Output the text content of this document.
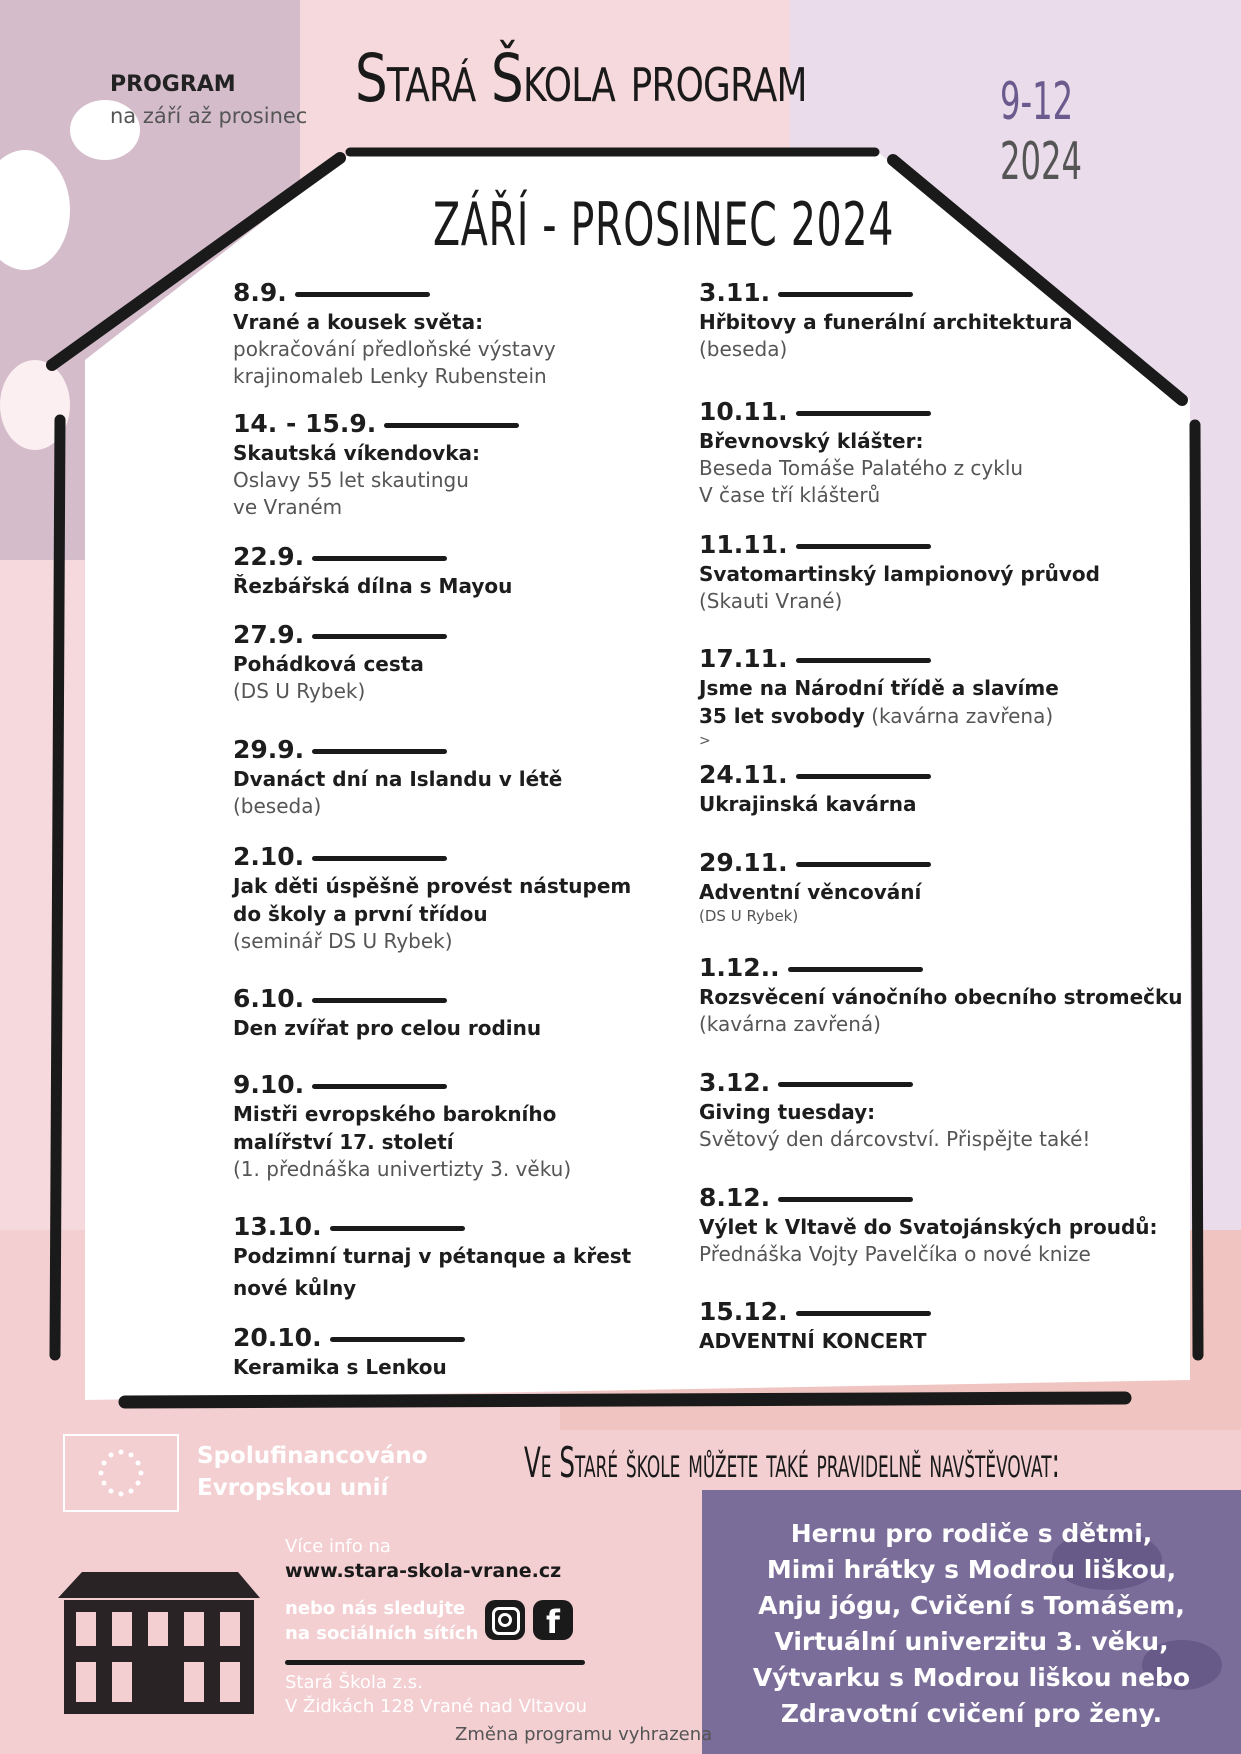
PROGRAM
na září až prosinec Stará Škola program	9-12 2024
ZÁŘÍ - PROSINEC 2024
8.9.
Vrané a kousek světa:
pokračování předloňské výstavy
krajinomaleb Lenky Rubenstein
14. - 15.9.
Skautská víkendovka:
Oslavy 55 let skautingu
ve Vraném
22.9.
Řezbářská dílna s Mayou
27.9.
Pohádková cesta
(DS U Rybek)
29.9.
Dvanáct dní na Islandu v létě
(beseda)
2.10.
Jak děti úspěšně provést nástupem
do školy a první třídou
(seminář DS U Rybek)
6.10.
Den zvířat pro celou rodinu
9.10.
Mistři evropského barokního
malířství 17. století
(1. přednáška univertizty 3. věku)
13.10.
Podzimní turnaj v pétanque a křest
nové kůlny
20.10.
Keramika s Lenkou
3.11.
Hřbitovy a funerální architektura
(beseda)
10.11.
Břevnovský klášter:
Beseda Tomáše Palatého z cyklu
V čase tří klášterů
11.11.
Svatomartinský lampionový průvod
(Skauti Vrané)
17.11.
Jsme na Národní třídě a slavíme
35 let svobody (kavárna zavřena)
>
24.11.
Ukrajinská kavárna
29.11.
Adventní věncování
(DS U Rybek)
1.12..
Rozsvěcení vánočního obecního stromečku
(kavárna zavřená)
3.12.
Giving tuesday:
Světový den dárcovství. Přispějte také!
8.12.
Výlet k Vltavě do Svatojánských proudů:
Přednáška Vojty Pavelčíka o nové knize
15.12.
ADVENTNÍ KONCERT
Spolufinancováno
Evropskou unií
Ve Staré škole můžete také pravidelně navštěvovat:
Hernu pro rodiče s dětmi,
Mimi hrátky s Modrou liškou,
Anju jógu, Cvičení s Tomášem,
Virtuální univerzitu 3. věku,
Výtvarku s Modrou liškou nebo
Zdravotní cvičení pro ženy.
Více info na
www.stara-skola-vrane.cz
nebo nás sledujte
na sociálních sítích	f
Stará Škola z.s.
V Židkách 128 Vrané nad Vltavou
Změna programu vyhrazena
